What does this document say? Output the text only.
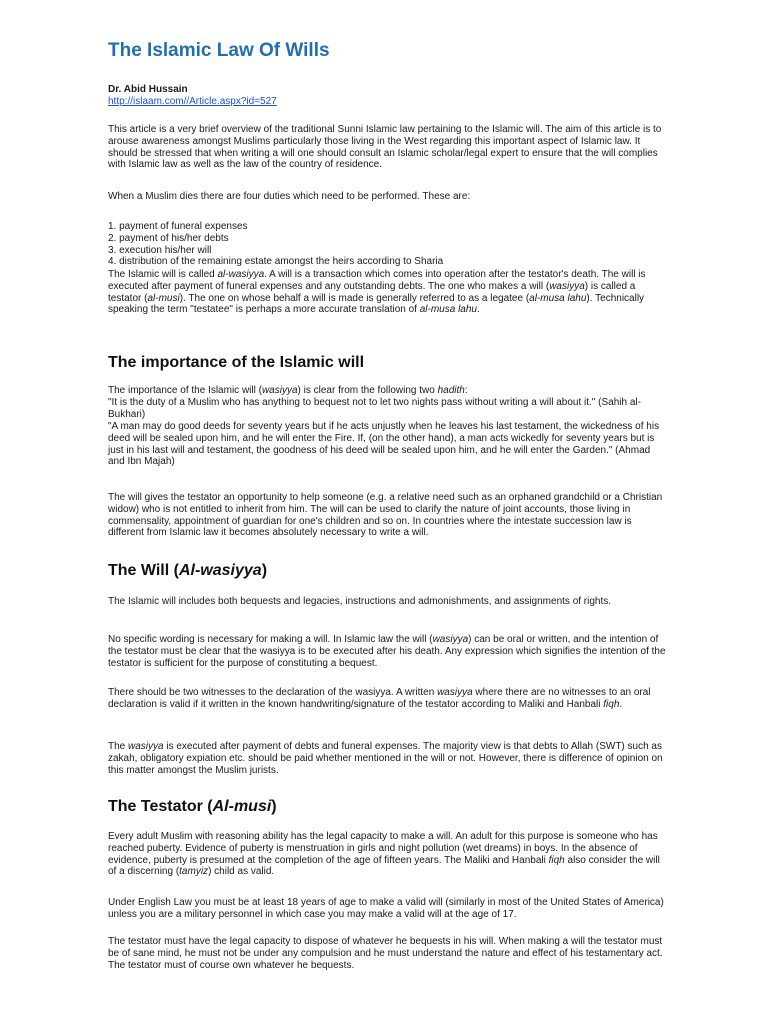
The Islamic Law Of Wills

Dr. Abid Hussain

http://islaam.com//Article.aspx?id=527

This article is a very brief overview of the traditional Sunni Islamic law pertaining to the Islamic will. The aim of this article is to arouse awareness amongst Muslims particularly those living in the West regarding this important aspect of Islamic law. It should be stressed that when writing a will one should consult an Islamic scholar/legal expert to ensure that the will complies with Islamic law as well as the law of the country of residence.

When a Muslim dies there are four duties which need to be performed. These are:

1. payment of funeral expenses
2. payment of his/her debts
3. execution his/her will
4. distribution of the remaining estate amongst the heirs according to Sharia

The Islamic will is called al-wasiyya. A will is a transaction which comes into operation after the testator's death. The will is executed after payment of funeral expenses and any outstanding debts. The one who makes a will (wasiyya) is called a testator (al-musi). The one on whose behalf a will is made is generally referred to as a legatee (al-musa lahu). Technically speaking the term "testatee" is perhaps a more accurate translation of al-musa lahu.

The importance of the Islamic will

The importance of the Islamic will (wasiyya) is clear from the following two hadith:

"It is the duty of a Muslim who has anything to bequest not to let two nights pass without writing a will about it." (Sahih al-Bukhari)

"A man may do good deeds for seventy years but if he acts unjustly when he leaves his last testament, the wickedness of his deed will be sealed upon him, and he will enter the Fire. If, (on the other hand), a man acts wickedly for seventy years but is just in his last will and testament, the goodness of his deed will be sealed upon him, and he will enter the Garden." (Ahmad and Ibn Majah)

The will gives the testator an opportunity to help someone (e.g. a relative need such as an orphaned grandchild or a Christian widow) who is not entitled to inherit from him. The will can be used to clarify the nature of joint accounts, those living in commensality, appointment of guardian for one's children and so on. In countries where the intestate succession law is different from Islamic law it becomes absolutely necessary to write a will.

The Will (Al-wasiyya)

The Islamic will includes both bequests and legacies, instructions and admonishments, and assignments of rights.

No specific wording is necessary for making a will. In Islamic law the will (wasiyya) can be oral or written, and the intention of the testator must be clear that the wasiyya is to be executed after his death. Any expression which signifies the intention of the testator is sufficient for the purpose of constituting a bequest.

There should be two witnesses to the declaration of the wasiyya. A written wasiyya where there are no witnesses to an oral declaration is valid if it written in the known handwriting/signature of the testator according to Maliki and Hanbali fiqh.

The wasiyya is executed after payment of debts and funeral expenses. The majority view is that debts to Allah (SWT) such as zakah, obligatory expiation etc. should be paid whether mentioned in the will or not. However, there is difference of opinion on this matter amongst the Muslim jurists.

The Testator (Al-musi)

Every adult Muslim with reasoning ability has the legal capacity to make a will. An adult for this purpose is someone who has reached puberty. Evidence of puberty is menstruation in girls and night pollution (wet dreams) in boys. In the absence of evidence, puberty is presumed at the completion of the age of fifteen years. The Maliki and Hanbali fiqh also consider the will of a discerning (tamyiz) child as valid.

Under English Law you must be at least 18 years of age to make a valid will (similarly in most of the United States of America) unless you are a military personnel in which case you may make a valid will at the age of 17.

The testator must have the legal capacity to dispose of whatever he bequests in his will. When making a will the testator must be of sane mind, he must not be under any compulsion and he must understand the nature and effect of his testamentary act. The testator must of course own whatever he bequests.
